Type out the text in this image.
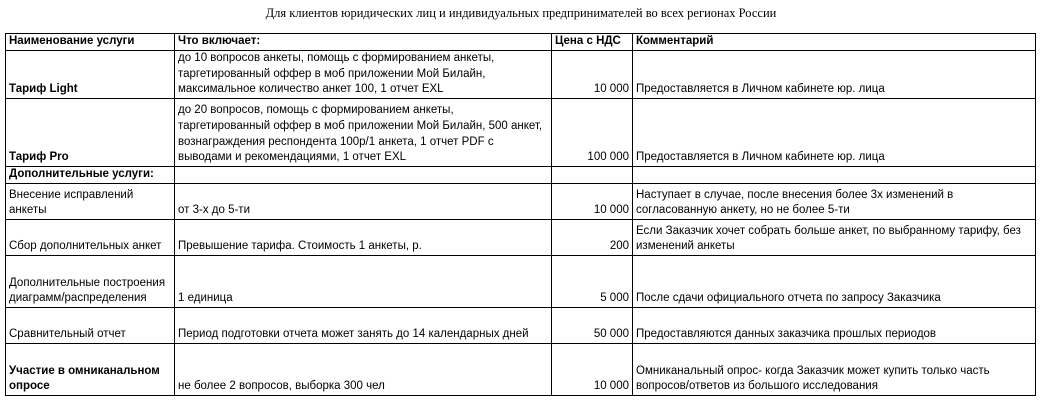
Для клиентов юридических лиц и индивидуальных предпринимателей во всех регионах России
Наименование услуги	Что включает:	Цена с НДС	Комментарий
Тариф Light	до 10 вопросов анкеты, помощь с формированием анкеты, таргетированный оффер в моб приложении Мой Билайн, максимальное количество анкет 100, 1 отчет EXL	10 000	Предоставляется в Личном кабинете юр. лица
Тариф Pro	до 20 вопросов, помощь с формированием анкеты, таргетированный оффер в моб приложении Мой Билайн, 500 анкет, вознаграждения респондента 100р/1 анкета, 1 отчет PDF с выводами и рекомендациями, 1 отчет EXL	100 000	Предоставляется в Личном кабинете юр. лица
Дополнительные услуги:			
Внесение исправлений анкеты	от 3-х до 5-ти	10 000	Наступает в случае, после внесения более 3х изменений в согласованную анкету, но не более 5-ти
Сбор дополнительных анкет	Превышение тарифа. Стоимость 1 анкеты, р.	200	Если Заказчик хочет собрать больше анкет, по выбранному тарифу, без изменений анкеты
Дополнительные построения диаграмм/распределения	1 единица	5 000	После сдачи официального отчета по запросу Заказчика
Сравнительный отчет	Период подготовки отчета может занять до 14 календарных дней	50 000	Предоставляются данных заказчика прошлых периодов
Участие в омниканальном опросе	не более 2 вопросов, выборка 300 чел	10 000	Омниканальный опрос- когда Заказчик может купить только часть вопросов/ответов из большого исследования
